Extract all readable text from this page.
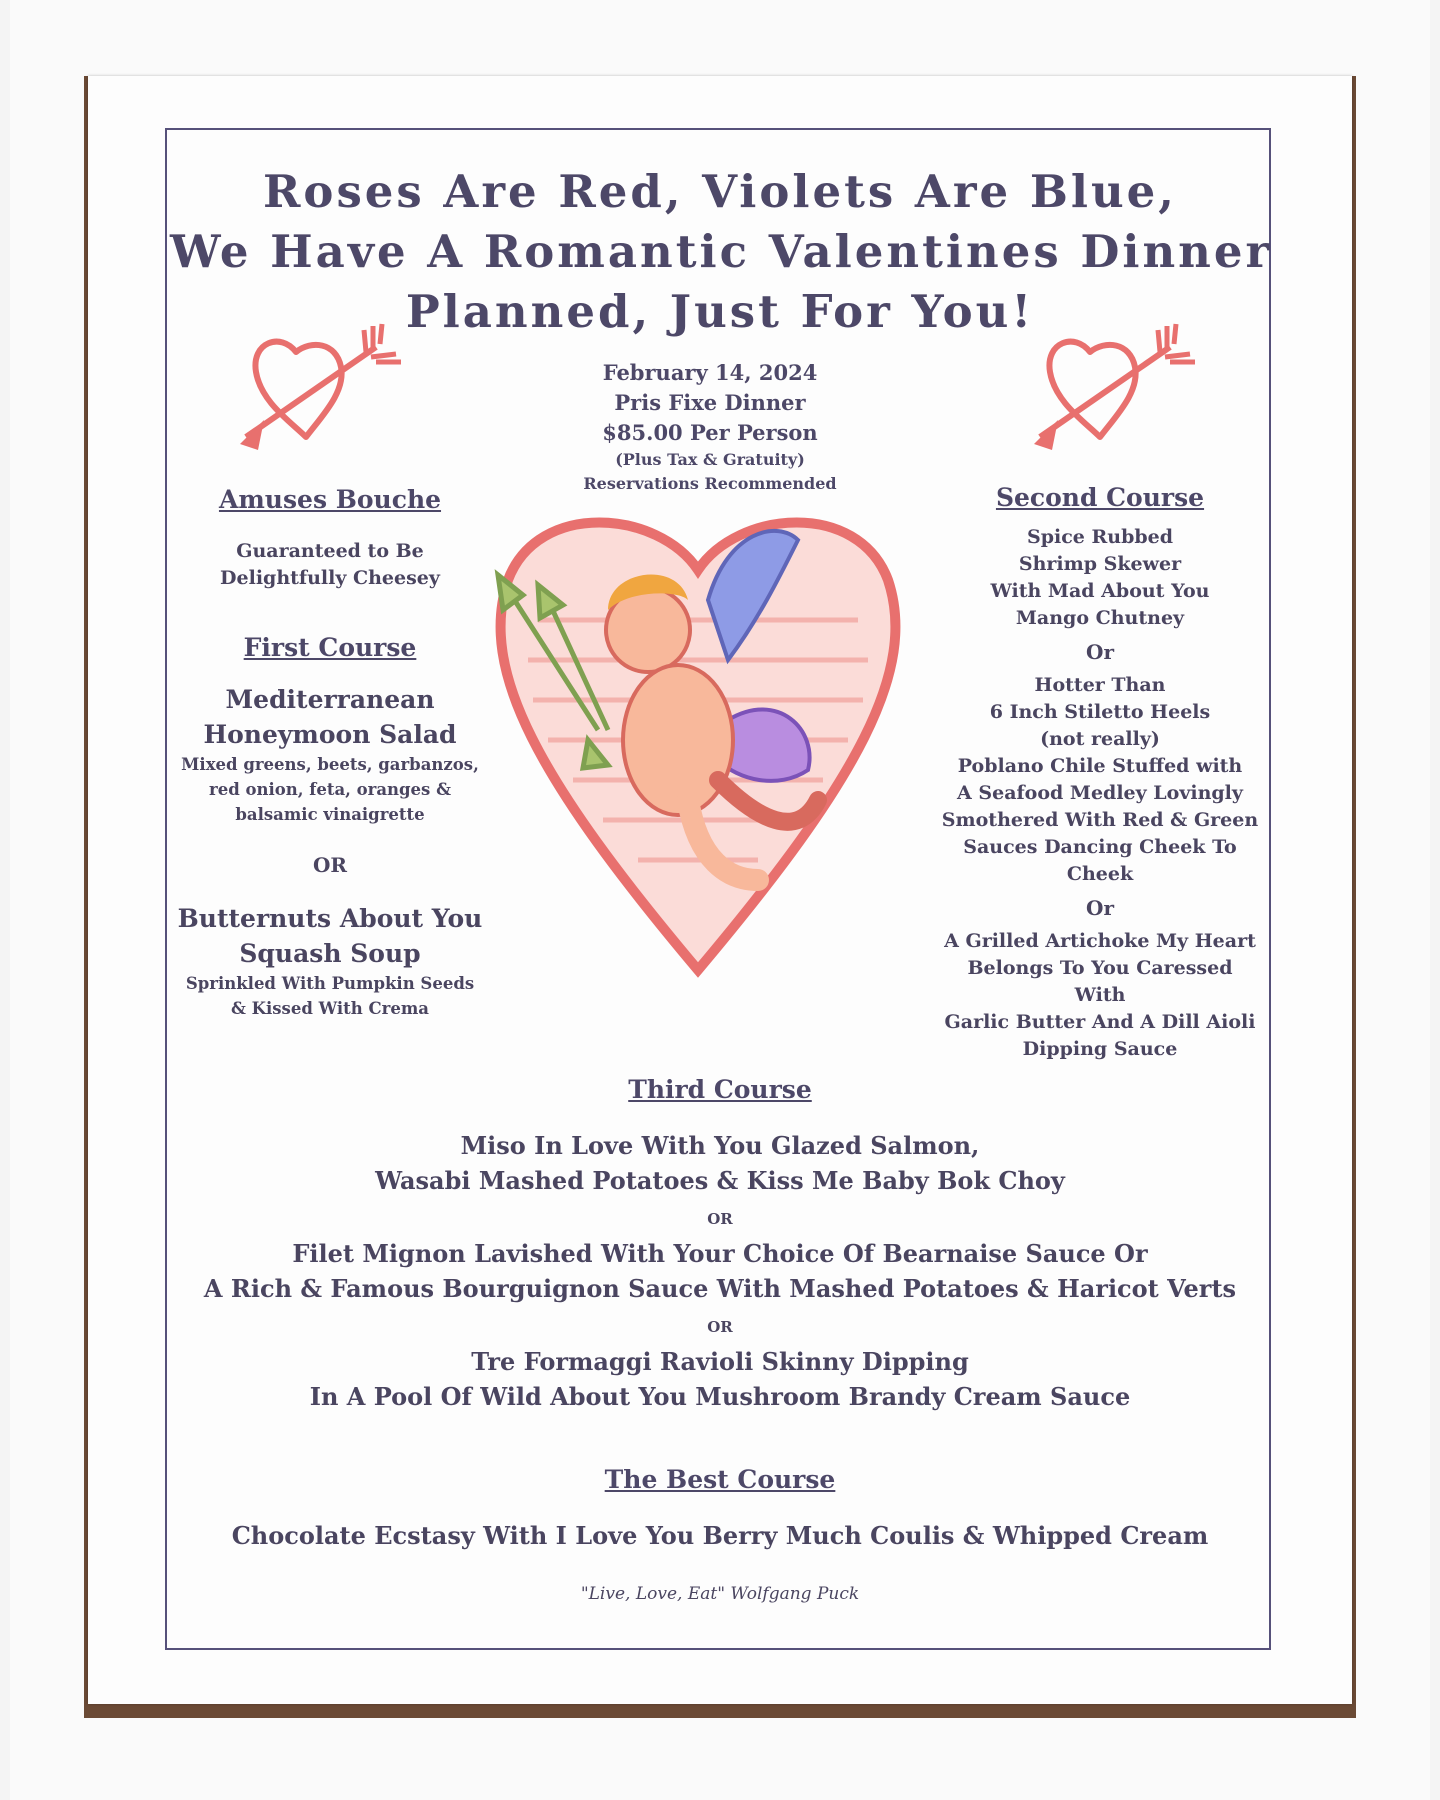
Roses Are Red, Violets Are Blue,
We Have A Romantic Valentines Dinner
Planned, Just For You!
February 14, 2024
Pris Fixe Dinner
$85.00 Per Person
(Plus Tax & Gratuity)
Reservations Recommended
Amuses Bouche
Guaranteed to Be
Delightfully Cheesey
First Course
Mediterranean
Honeymoon Salad
Mixed greens, beets, garbanzos,
red onion, feta, oranges &
balsamic vinaigrette
OR
Butternuts About You
Squash Soup
Sprinkled With Pumpkin Seeds
& Kissed With Crema
Second Course
Spice Rubbed
Shrimp Skewer
With Mad About You
Mango Chutney
Or
Hotter Than
6 Inch Stiletto Heels
(not really)
Poblano Chile Stuffed with
A Seafood Medley Lovingly
Smothered With Red & Green
Sauces Dancing Cheek To
Cheek
Or
A Grilled Artichoke My Heart
Belongs To You Caressed With
Garlic Butter And A Dill Aioli
Dipping Sauce
Third Course
Miso In Love With You Glazed Salmon,
Wasabi Mashed Potatoes & Kiss Me Baby Bok Choy
OR
Filet Mignon Lavished With Your Choice Of Bearnaise Sauce Or
A Rich & Famous Bourguignon Sauce With Mashed Potatoes & Haricot Verts
OR
Tre Formaggi Ravioli Skinny Dipping
In A Pool Of Wild About You Mushroom Brandy Cream Sauce
The Best Course
Chocolate Ecstasy With I Love You Berry Much Coulis & Whipped Cream
"Live, Love, Eat" Wolfgang Puck
